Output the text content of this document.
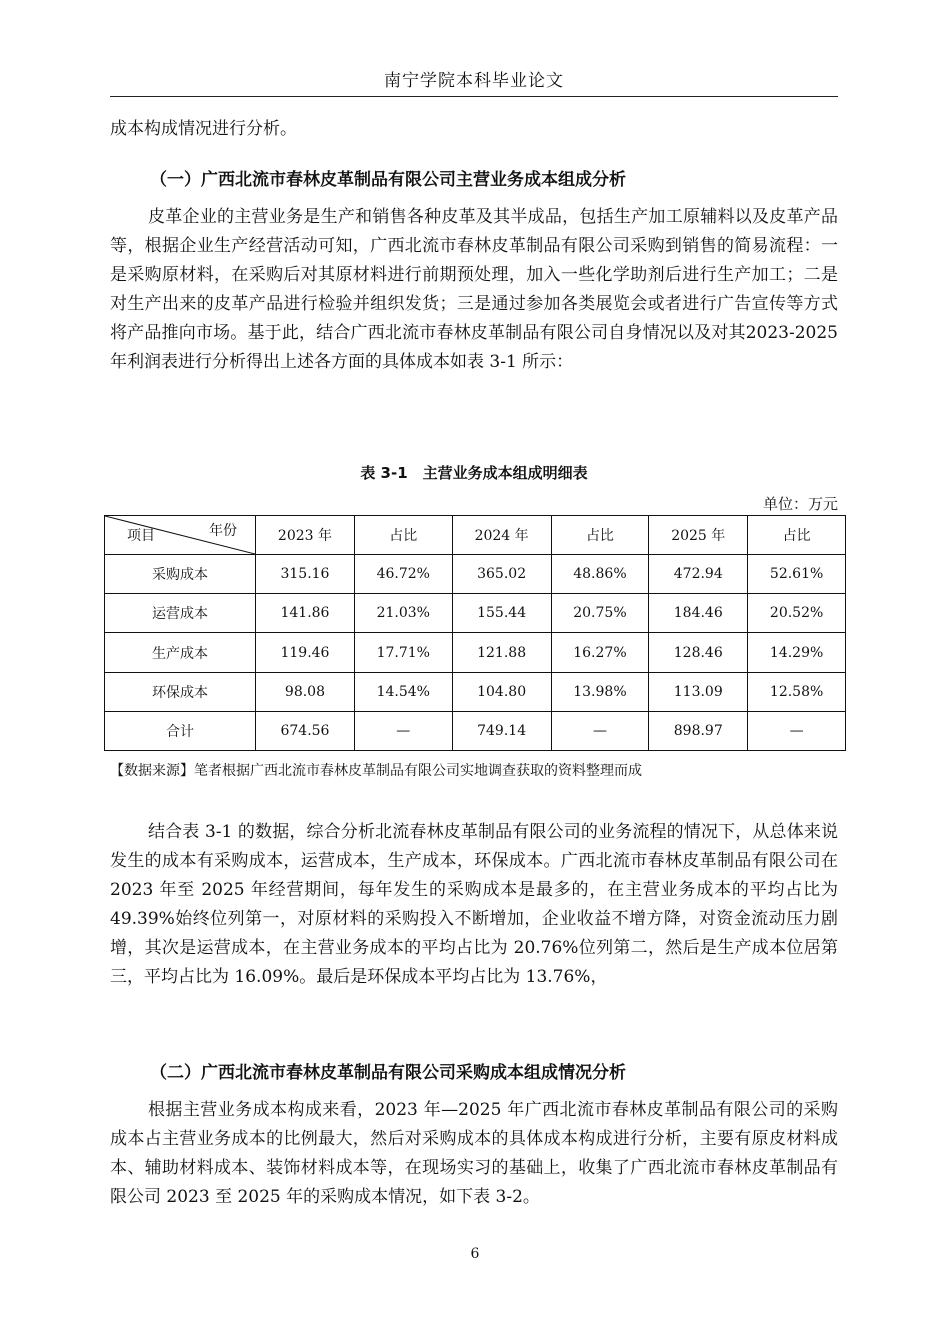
南宁学院本科毕业论文

成本构成情况进行分析。

（一）广西北流市春林皮革制品有限公司主营业务成本组成分析

皮革企业的主营业务是生产和销售各种皮革及其半成品，包括生产加工原辅料以及皮革产品等，根据企业生产经营活动可知，广西北流市春林皮革制品有限公司采购到销售的简易流程：一是采购原材料，在采购后对其原材料进行前期预处理，加入一些化学助剂后进行生产加工；二是对生产出来的皮革产品进行检验并组织发货；三是通过参加各类展览会或者进行广告宣传等方式将产品推向市场。基于此，结合广西北流市春林皮革制品有限公司自身情况以及对其2023-2025年利润表进行分析得出上述各方面的具体成本如表 3-1 所示：

表 3-1　主营业务成本组成明细表
单位：万元
项目 年份	2023 年	占比	2024 年	占比	2025 年	占比
采购成本	315.16	46.72%	365.02	48.86%	472.94	52.61%
运营成本	141.86	21.03%	155.44	20.75%	184.46	20.52%
生产成本	119.46	17.71%	121.88	16.27%	128.46	14.29%
环保成本	98.08	14.54%	104.80	13.98%	113.09	12.58%
合计	674.56	—	749.14	—	898.97	—
【数据来源】笔者根据广西北流市春林皮革制品有限公司实地调查获取的资料整理而成

结合表 3-1 的数据，综合分析北流春林皮革制品有限公司的业务流程的情况下，从总体来说发生的成本有采购成本，运营成本，生产成本，环保成本。广西北流市春林皮革制品有限公司在 2023 年至 2025 年经营期间，每年发生的采购成本是最多的，在主营业务成本的平均占比为 49.39%始终位列第一，对原材料的采购投入不断增加，企业收益不增方降，对资金流动压力剧增，其次是运营成本，在主营业务成本的平均占比为 20.76%位列第二，然后是生产成本位居第三，平均占比为 16.09%。最后是环保成本平均占比为 13.76%，

（二）广西北流市春林皮革制品有限公司采购成本组成情况分析

根据主营业务成本构成来看，2023 年—2025 年广西北流市春林皮革制品有限公司的采购成本占主营业务成本的比例最大，然后对采购成本的具体成本构成进行分析，主要有原皮材料成本、辅助材料成本、装饰材料成本等，在现场实习的基础上，收集了广西北流市春林皮革制品有限公司 2023 至 2025 年的采购成本情况，如下表 3-2。

6
